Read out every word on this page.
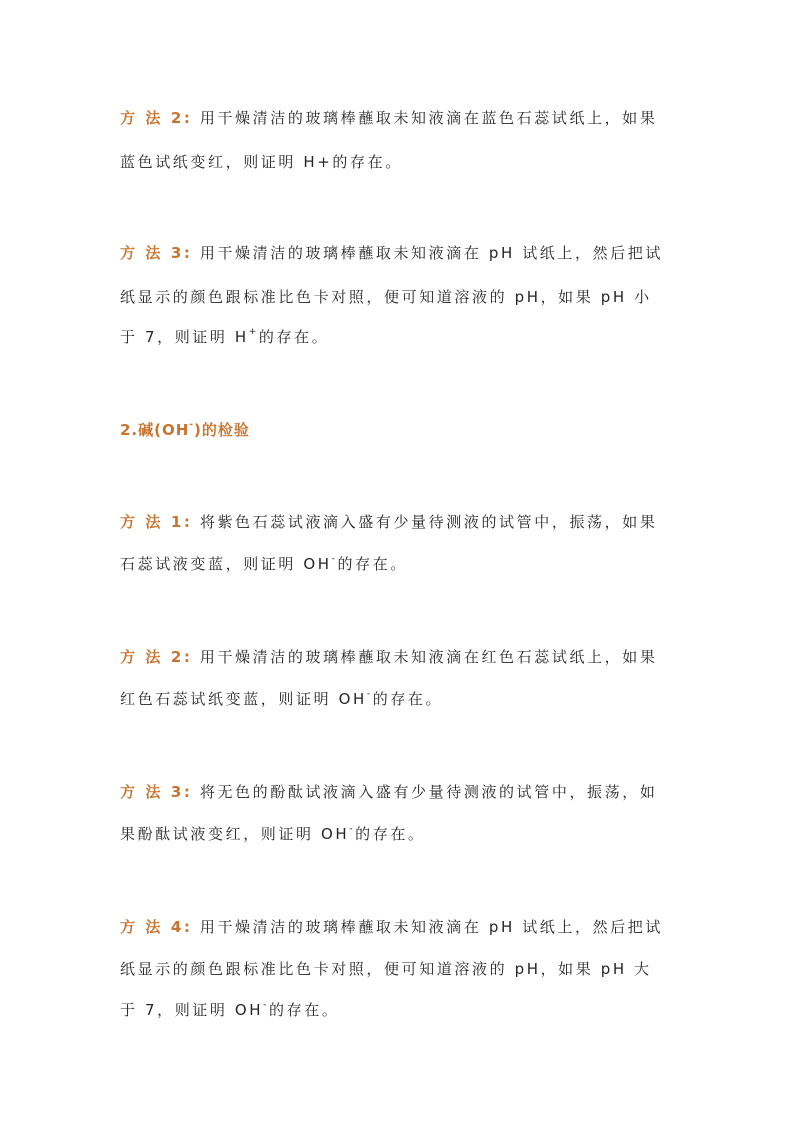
方 法 2: 用干燥清洁的玻璃棒蘸取未知液滴在蓝色石蕊试纸上，如果
蓝色试纸变红，则证明 H+的存在。
方 法 3: 用干燥清洁的玻璃棒蘸取未知液滴在 pH 试纸上，然后把试
纸显示的颜色跟标准比色卡对照，便可知道溶液的 pH，如果 pH 小
于 7，则证明 H+的存在。
2.碱(OH-)的检验
方 法 1: 将紫色石蕊试液滴入盛有少量待测液的试管中，振荡，如果
石蕊试液变蓝，则证明 OH-的存在。
方 法 2: 用干燥清洁的玻璃棒蘸取未知液滴在红色石蕊试纸上，如果
红色石蕊试纸变蓝，则证明 OH-的存在。
方 法 3: 将无色的酚酞试液滴入盛有少量待测液的试管中，振荡，如
果酚酞试液变红，则证明 OH-的存在。
方 法 4: 用干燥清洁的玻璃棒蘸取未知液滴在 pH 试纸上，然后把试
纸显示的颜色跟标准比色卡对照，便可知道溶液的 pH，如果 pH 大
于 7，则证明 OH-的存在。
